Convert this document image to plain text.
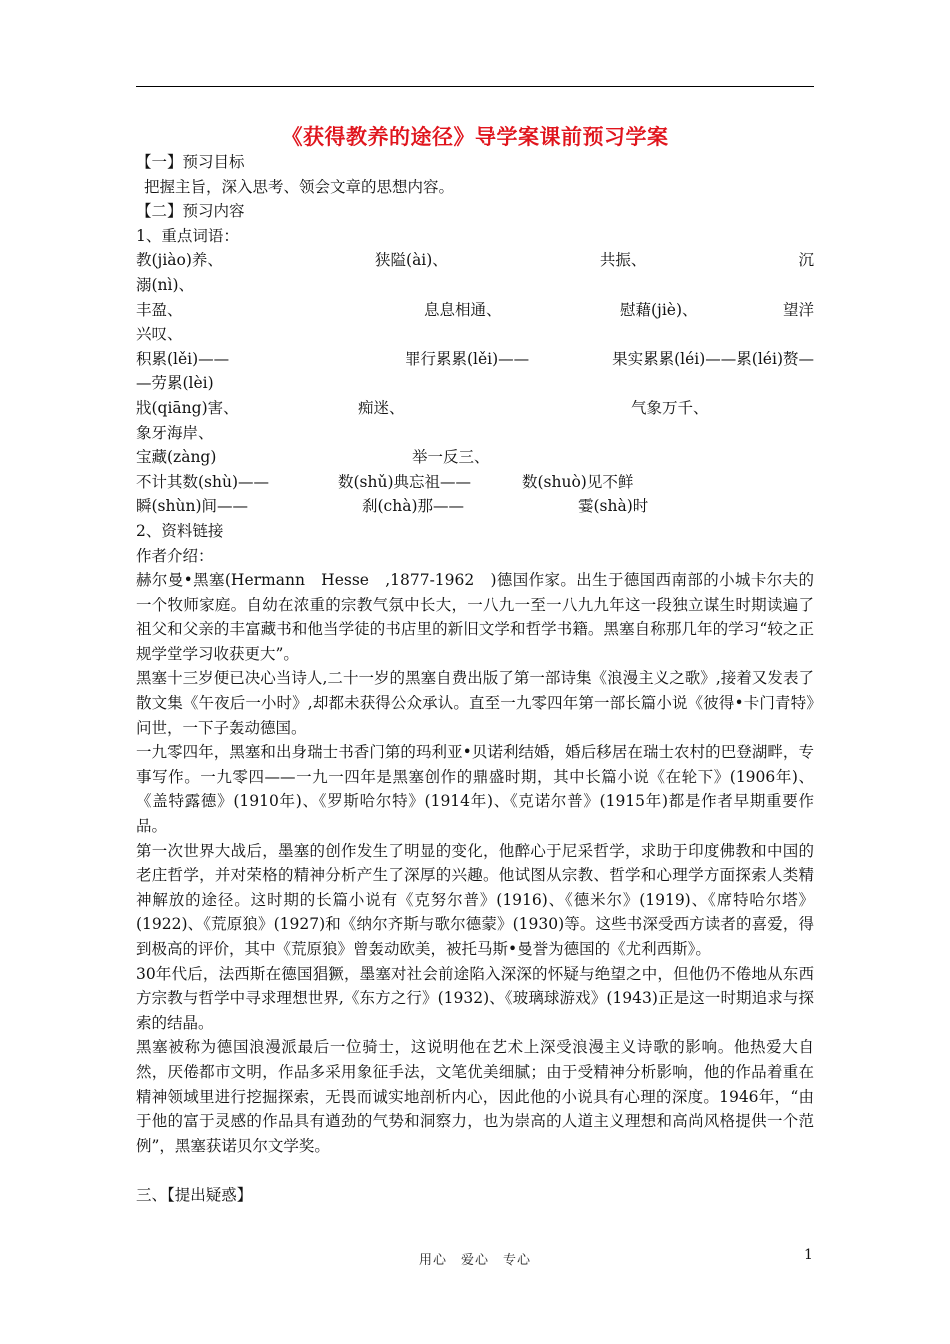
《获得教养的途径》导学案课前预习学案
【一】预习目标
把握主旨，深入思考、领会文章的思想内容。
【二】预习内容
1、重点词语：
教(jiào)养、	狭隘(ài)、	共振、	沉
溺(nì)、
丰盈、	息息相通、	慰藉(jiè)、	望洋
兴叹、
积累(lěi)——	罪行累累(lěi)——	果实累累(léi)——累(léi)赘—
—劳累(lèi)
戕(qiāng)害、	痴迷、	气象万千、
象牙海岸、
宝藏(zàng)	举一反三、
不计其数(shù)——	数(shǔ)典忘祖——	数(shuò)见不鲜
瞬(shùn)间——	刹(chà)那——	霎(shà)时
2、资料链接
作者介绍：
赫尔曼•黑塞(Hermann　Hesse　,1877-1962　)德国作家。出生于德国西南部的小城卡尔夫的一个牧师家庭。自幼在浓重的宗教气氛中长大，一八九一至一八九九年这一段独立谋生时期读遍了祖父和父亲的丰富藏书和他当学徒的书店里的新旧文学和哲学书籍。黑塞自称那几年的学习“较之正规学堂学习收获更大”。
黑塞十三岁便已决心当诗人,二十一岁的黑塞自费出版了第一部诗集《浪漫主义之歌》,接着又发表了散文集《午夜后一小时》,却都未获得公众承认。直至一九零四年第一部长篇小说《彼得•卡门青特》问世，一下子轰动德国。
一九零四年，黑塞和出身瑞士书香门第的玛利亚•贝诺利结婚，婚后移居在瑞士农村的巴登湖畔，专事写作。一九零四——一九一四年是黑塞创作的鼎盛时期，其中长篇小说《在轮下》(1906年)、《盖特露德》(1910年)、《罗斯哈尔特》(1914年)、《克诺尔普》(1915年)都是作者早期重要作品。
第一次世界大战后，墨塞的创作发生了明显的变化，他醉心于尼采哲学，求助于印度佛教和中国的老庄哲学，并对荣格的精神分析产生了深厚的兴趣。他试图从宗教、哲学和心理学方面探索人类精神解放的途径。这时期的长篇小说有《克努尔普》(1916)、《德米尔》(1919)、《席特哈尔塔》(1922)、《荒原狼》(1927)和《纳尔齐斯与歌尔德蒙》(1930)等。这些书深受西方读者的喜爱，得到极高的评价，其中《荒原狼》曾轰动欧美，被托马斯•曼誉为德国的《尤利西斯》。
30年代后，法西斯在德国猖獗，墨塞对社会前途陷入深深的怀疑与绝望之中，但他仍不倦地从东西方宗教与哲学中寻求理想世界,《东方之行》(1932)、《玻璃球游戏》(1943)正是这一时期追求与探索的结晶。
黑塞被称为德国浪漫派最后一位骑士，这说明他在艺术上深受浪漫主义诗歌的影响。他热爱大自然，厌倦都市文明，作品多采用象征手法，文笔优美细腻；由于受精神分析影响，他的作品着重在精神领域里进行挖掘探索，无畏而诚实地剖析内心，因此他的小说具有心理的深度。1946年，“由于他的富于灵感的作品具有遒劲的气势和洞察力，也为崇高的人道主义理想和高尚风格提供一个范例”，黑塞获诺贝尔文学奖。
三、【提出疑惑】
用心　爱心　专心	1
